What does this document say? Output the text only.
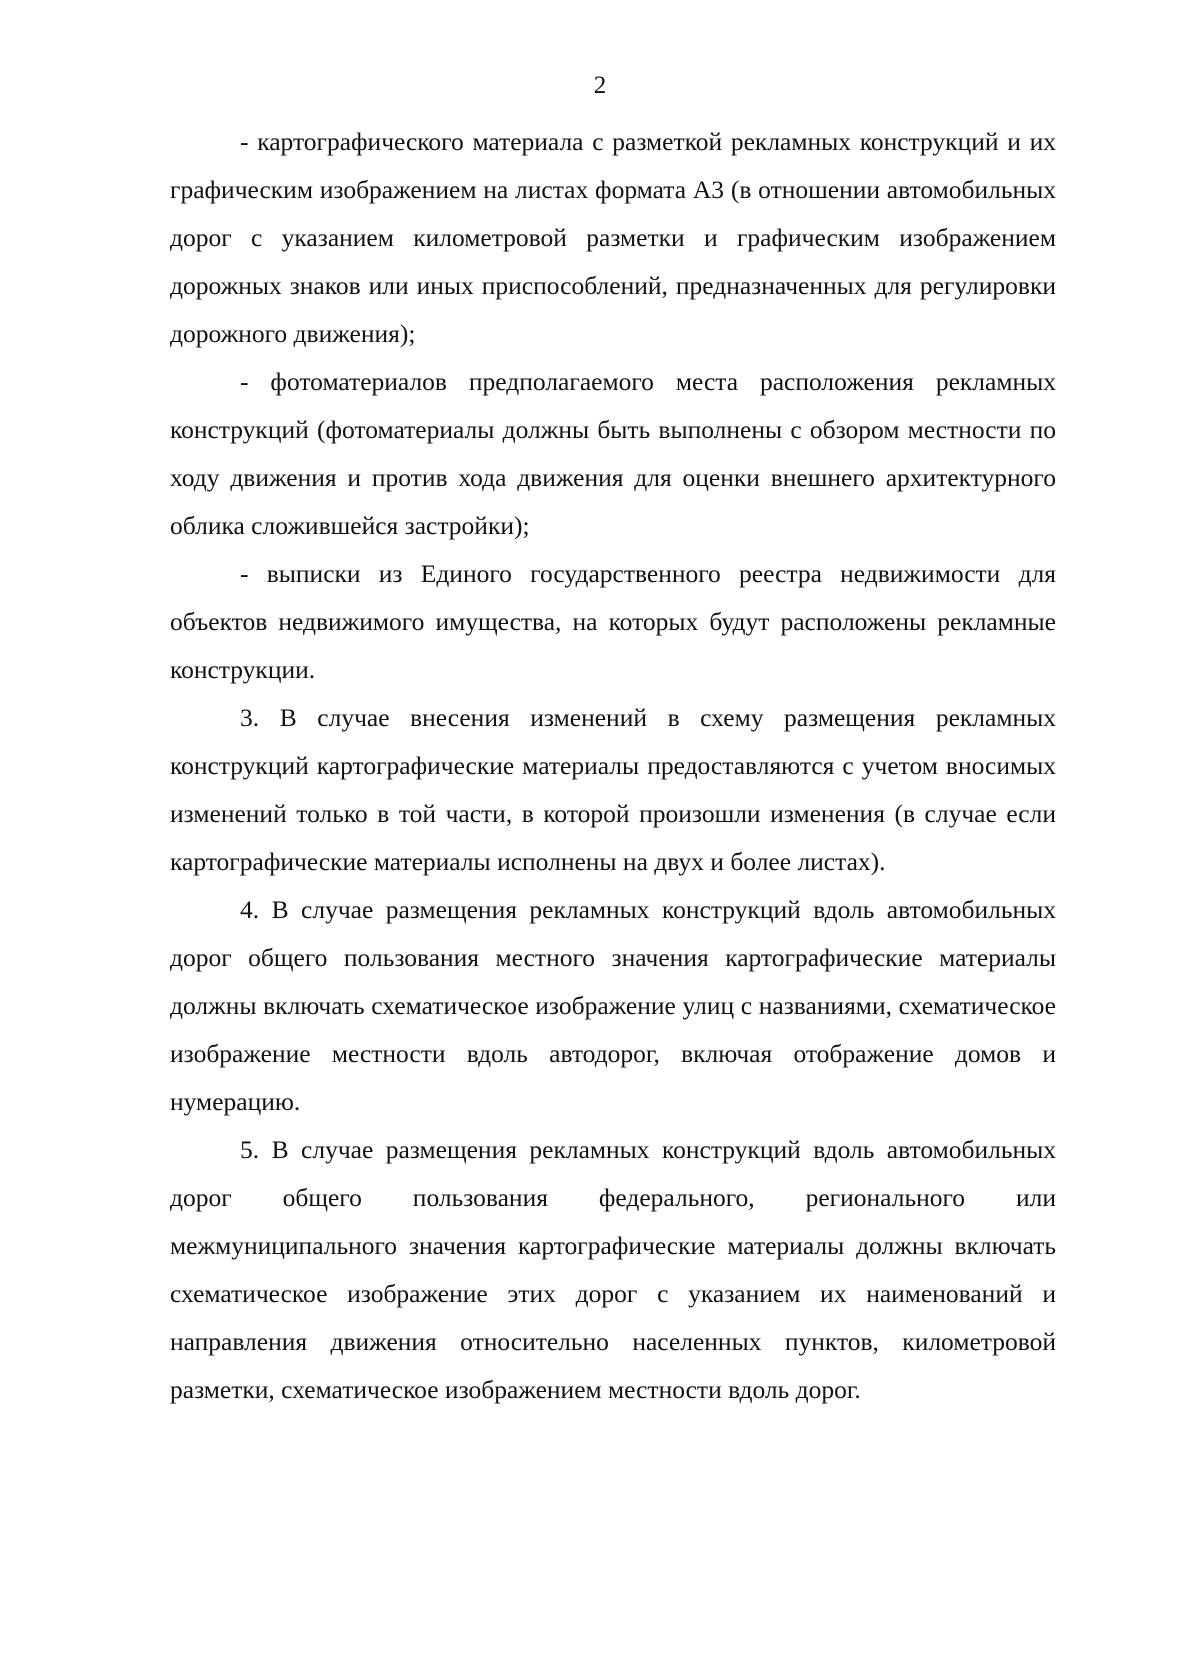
2

- картографического материала с разметкой рекламных конструкций и их графическим изображением на листах формата А3 (в отношении автомобильных дорог с указанием километровой разметки и графическим изображением дорожных знаков или иных приспособлений, предназначенных для регулировки дорожного движения);

- фотоматериалов предполагаемого места расположения рекламных конструкций (фотоматериалы должны быть выполнены с обзором местности по ходу движения и против хода движения для оценки внешнего архитектурного облика сложившейся застройки);

- выписки из Единого государственного реестра недвижимости для объектов недвижимого имущества, на которых будут расположены рекламные конструкции.

3. В случае внесения изменений в схему размещения рекламных конструкций картографические материалы предоставляются с учетом вносимых изменений только в той части, в которой произошли изменения (в случае если картографические материалы исполнены на двух и более листах).

4. В случае размещения рекламных конструкций вдоль автомобильных дорог общего пользования местного значения картографические материалы должны включать схематическое изображение улиц с названиями, схематическое изображение местности вдоль автодорог, включая отображение домов и нумерацию.

5. В случае размещения рекламных конструкций вдоль автомобильных дорог общего пользования федерального, регионального или межмуниципального значения картографические материалы должны включать схематическое изображение этих дорог с указанием их наименований и направления движения относительно населенных пунктов, километровой разметки, схематическое изображением местности вдоль дорог.
